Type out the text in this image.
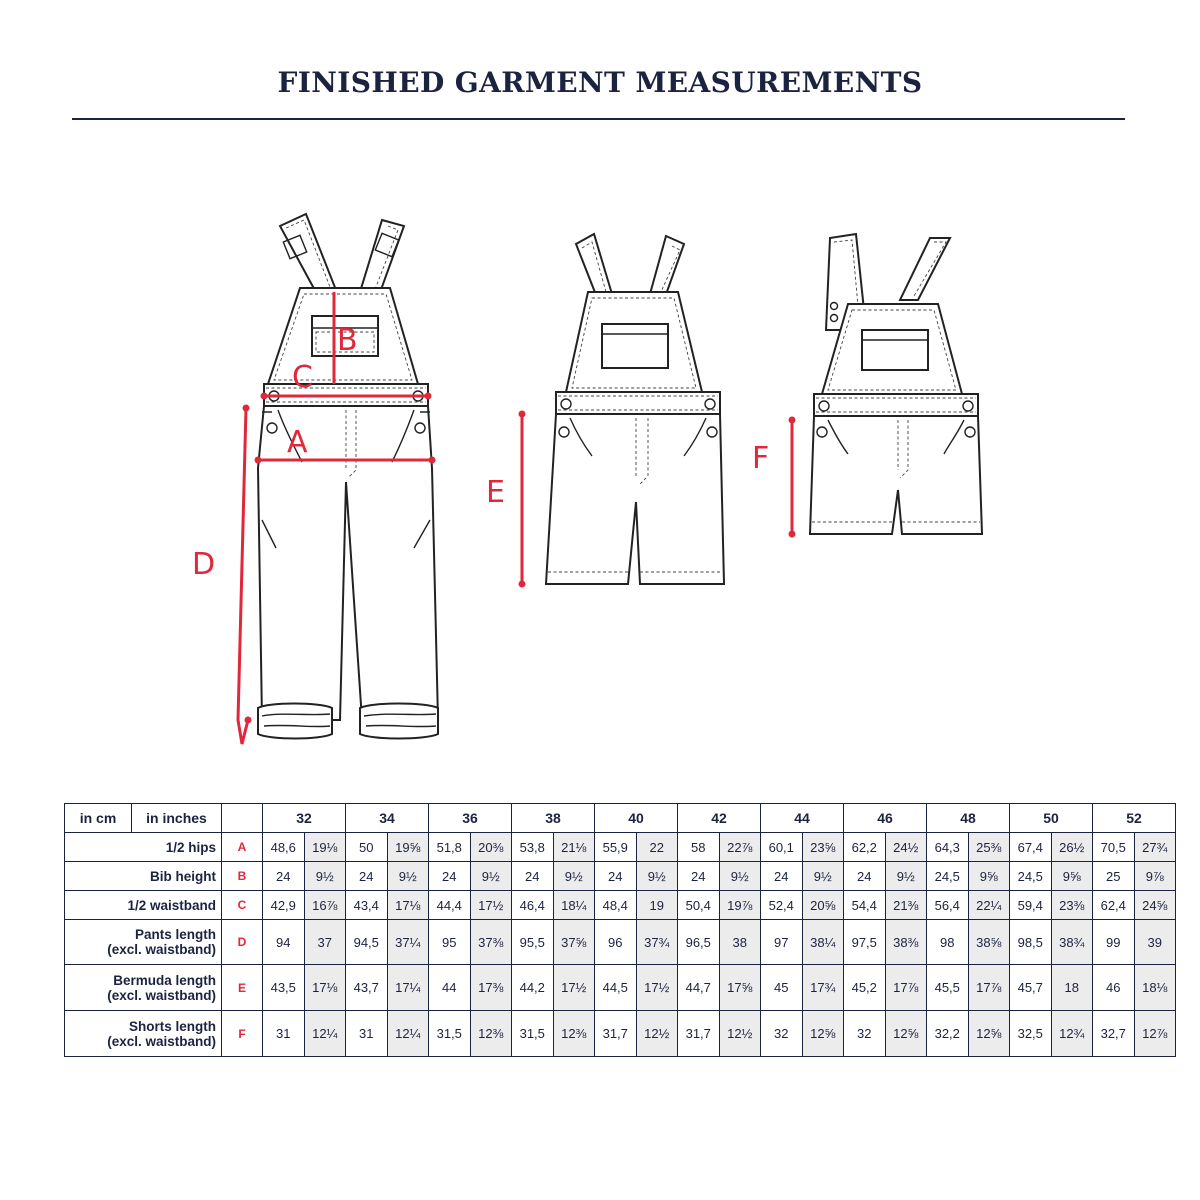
FINISHED GARMENT MEASUREMENTS
B
C
A
D
E
F
in cm	in inches		32		34		36		38		40		42		44		46		48		50		52	

1/2 hips		A	48,6	19⅛	50	19⅝	51,8	20⅜	53,8	21⅛	55,9	22	58	22⅞	60,1	23⅝	62,2	24½	64,3	25⅜	67,4	26½	70,5	27¾

Bib height		B	24	9½	24	9½	24	9½	24	9½	24	9½	24	9½	24	9½	24	9½	24,5	9⅝	24,5	9⅝	25	9⅞

1/2 waistband		C	42,9	16⅞	43,4	17⅛	44,4	17½	46,4	18¼	48,4	19	50,4	19⅞	52,4	20⅝	54,4	21⅜	56,4	22¼	59,4	23⅜	62,4	24⅝

Pants length
(excl. waistband)		D	94	37	94,5	37¼	95	37⅜	95,5	37⅝	96	37¾	96,5	38	97	38¼	97,5	38⅜	98	38⅝	98,5	38¾	99	39

Bermuda length
(excl. waistband)		E	43,5	17⅛	43,7	17¼	44	17⅜	44,2	17½	44,5	17½	44,7	17⅝	45	17¾	45,2	17⅞	45,5	17⅞	45,7	18	46	18⅛

Shorts length
(excl. waistband)		F	31	12¼	31	12¼	31,5	12⅜	31,5	12⅜	31,7	12½	31,7	12½	32	12⅝	32	12⅝	32,2	12⅝	32,5	12¾	32,7	12⅞
